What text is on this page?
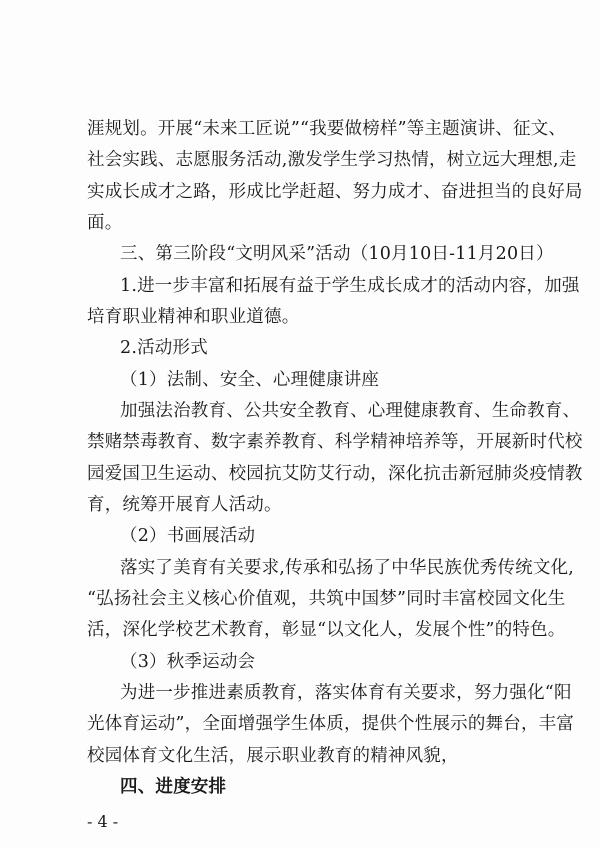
涯规划。开展“未来工匠说”“我要做榜样”等主题演讲、征文、
社会实践、志愿服务活动,激发学生学习热情，树立远大理想,走
实成长成才之路，形成比学赶超、努力成才、奋进担当的良好局
面。
三、第三阶段“文明风采”活动（10月10日-11月20日）
1.进一步丰富和拓展有益于学生成长成才的活动内容，加强
培育职业精神和职业道德。
2.活动形式
（1）法制、安全、心理健康讲座
加强法治教育、公共安全教育、心理健康教育、生命教育、
禁赌禁毒教育、数字素养教育、科学精神培养等，开展新时代校
园爱国卫生运动、校园抗艾防艾行动，深化抗击新冠肺炎疫情教
育，统筹开展育人活动。
（2）书画展活动
落实了美育有关要求,传承和弘扬了中华民族优秀传统文化,
“弘扬社会主义核心价值观，共筑中国梦”同时丰富校园文化生
活，深化学校艺术教育，彰显“以文化人，发展个性”的特色。
（3）秋季运动会
为进一步推进素质教育，落实体育有关要求，努力强化“阳
光体育运动”，全面增强学生体质，提供个性展示的舞台，丰富
校园体育文化生活，展示职业教育的精神风貌，
四、进度安排
- 4 -
